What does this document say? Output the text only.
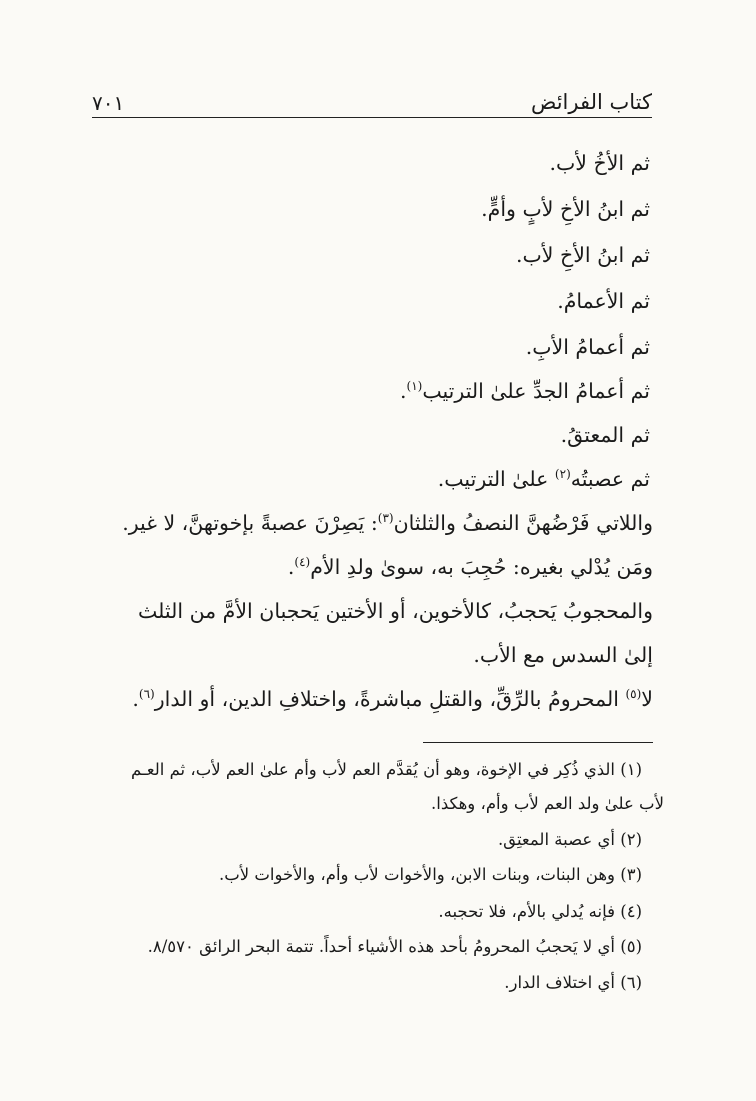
كتاب الفرائض
٧٠١
ثم الأخُ لأب.
ثم ابنُ الأخِ لأبٍ وأمٍّ.
ثم ابنُ الأخِ لأب.
ثم الأعمامُ.
ثم أعمامُ الأبِ.
ثم أعمامُ الجدِّ علىٰ الترتيب$^{(١)}$.
ثم المعتقُ.
ثم عصبتُه$^{(٢)}$ علىٰ الترتيب.
واللاتي فَرْضُهنَّ النصفُ والثلثان$^{(٣)}$: يَصِرْنَ عصبةً بإخوتهنَّ، لا غير.
ومَن يُدْلي بغيره: حُجِبَ به، سوىٰ ولدِ الأم$^{(٤)}$.
والمحجوبُ يَحجبُ، كالأخوين، أو الأختين يَحجبان الأمَّ من الثلث
إلىٰ السدس مع الأب.
لا$^{(٥)}$ المحرومُ بالرِّقِّ، والقتلِ مباشرةً، واختلافِ الدين، أو الدار$^{(٦)}$.
(١) الذي ذُكِر في الإخوة، وهو أن يُقدَّم العم لأب وأم علىٰ العم لأب، ثم العـم
لأب علىٰ ولد العم لأب وأم، وهكذا.
(٢) أي عصبة المعتِق.
(٣) وهن البنات، وبنات الابن، والأخوات لأب وأم، والأخوات لأب.
(٤) فإنه يُدلي بالأم، فلا تحجبه.
(٥) أي لا يَحجبُ المحرومُ بأحد هذه الأشياء أحداً. تتمة البحر الرائق ٨/٥٧٠.
(٦) أي اختلاف الدار.
